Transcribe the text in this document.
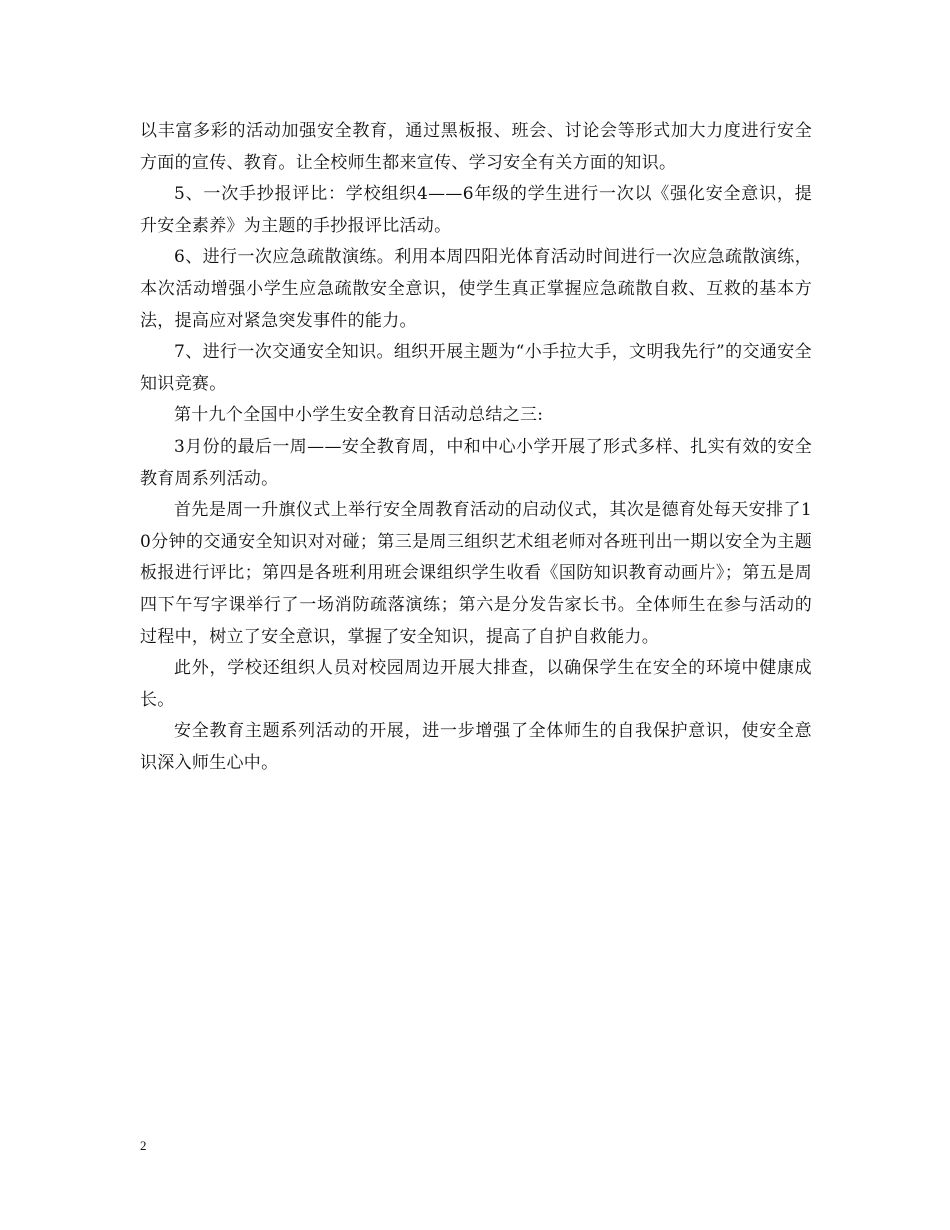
以丰富多彩的活动加强安全教育，通过黑板报、班会、讨论会等形式加大力度进行安全方面的宣传、教育。让全校师生都来宣传、学习安全有关方面的知识。

5、一次手抄报评比：学校组织4——6年级的学生进行一次以《强化安全意识，提升安全素养》为主题的手抄报评比活动。

6、进行一次应急疏散演练。利用本周四阳光体育活动时间进行一次应急疏散演练，本次活动增强小学生应急疏散安全意识，使学生真正掌握应急疏散自救、互救的基本方法，提高应对紧急突发事件的能力。

7、进行一次交通安全知识。组织开展主题为“小手拉大手，文明我先行”的交通安全知识竞赛。

第十九个全国中小学生安全教育日活动总结之三:

3月份的最后一周——安全教育周，中和中心小学开展了形式多样、扎实有效的安全教育周系列活动。

首先是周一升旗仪式上举行安全周教育活动的启动仪式，其次是德育处每天安排了10分钟的交通安全知识对对碰；第三是周三组织艺术组老师对各班刊出一期以安全为主题板报进行评比；第四是各班利用班会课组织学生收看《国防知识教育动画片》；第五是周四下午写字课举行了一场消防疏落演练；第六是分发告家长书。全体师生在参与活动的过程中，树立了安全意识，掌握了安全知识，提高了自护自救能力。

此外，学校还组织人员对校园周边开展大排查，以确保学生在安全的环境中健康成长。

安全教育主题系列活动的开展，进一步增强了全体师生的自我保护意识，使安全意识深入师生心中。

2
